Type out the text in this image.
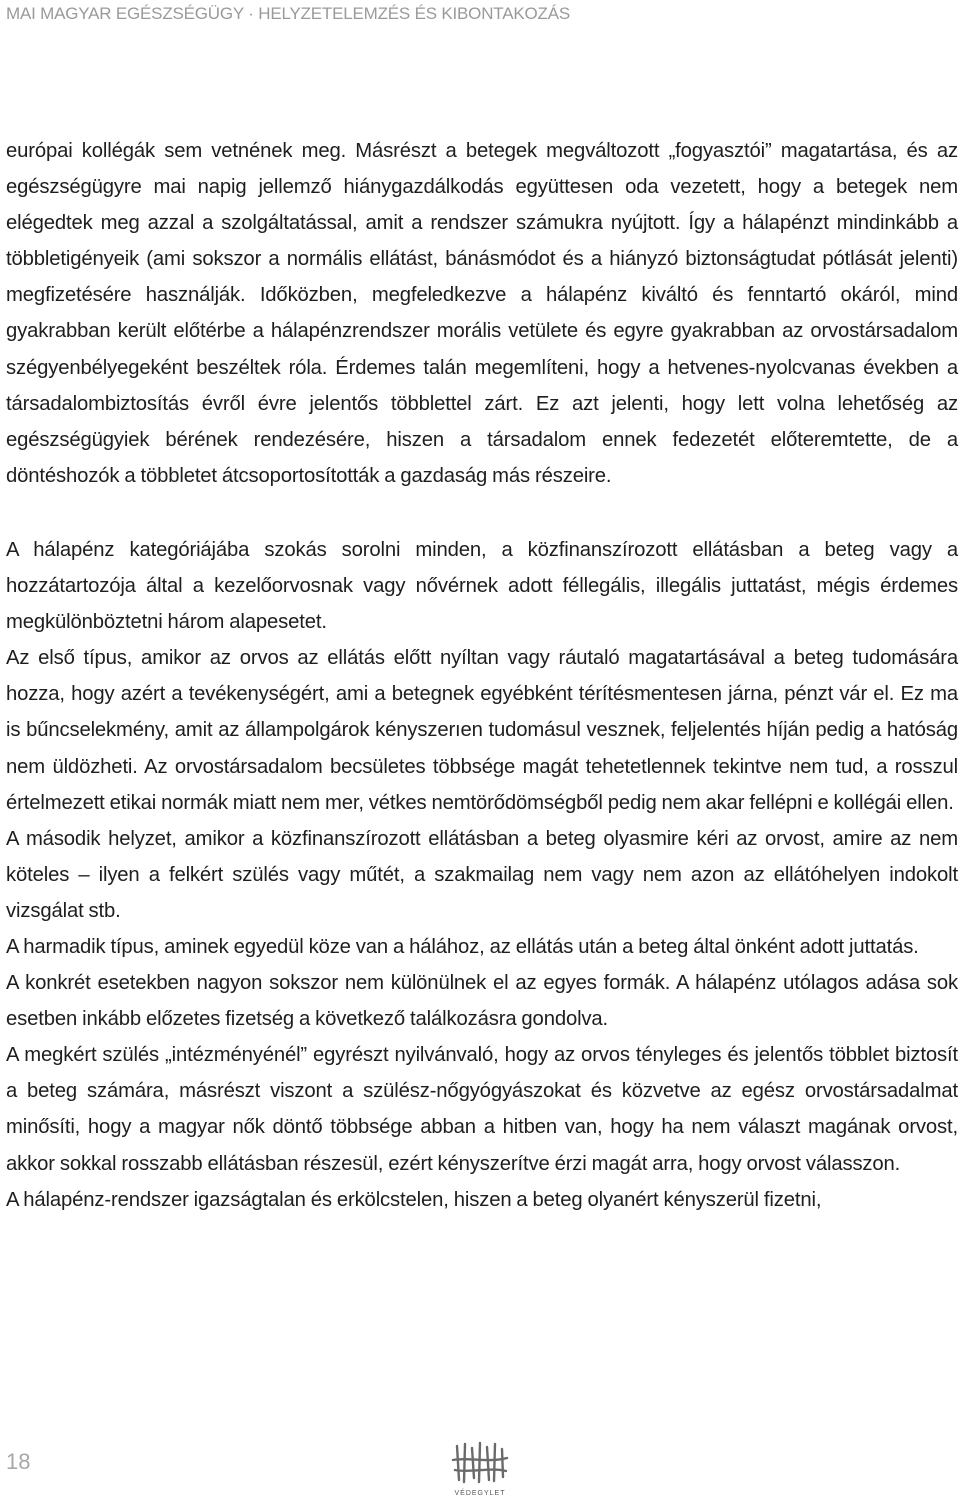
MAI MAGYAR EGÉSZSÉGÜGY · HELYZETELEMZÉS ÉS KIBONTAKOZÁS

európai kollégák sem vetnének meg. Másrészt a betegek megváltozott „fogyasztói” magatartása, és az egészségügyre mai napig jellemző hiánygazdálkodás együttesen oda vezetett, hogy a betegek nem elégedtek meg azzal a szolgáltatással, amit a rendszer számukra nyújtott. Így a hálapénzt mindinkább a többletigényeik (ami sokszor a normális ellátást, bánásmódot és a hiányzó biztonságtudat pótlását jelenti) megfizetésére használják. Időközben, megfeledkezve a hálapénz kiváltó és fenntartó okáról, mind gyakrabban került előtérbe a hálapénzrendszer morális vetülete és egyre gyakrabban az orvostársadalom szégyenbélyegeként beszéltek róla. Érdemes talán megemlíteni, hogy a hetvenes-nyolcvanas években a társadalombiztosítás évről évre jelentős többlettel zárt. Ez azt jelenti, hogy lett volna lehetőség az egészségügyiek bérének rendezésére, hiszen a társadalom ennek fedezetét előteremtette, de a döntéshozók a többletet átcsoportosították a gazdaság más részeire.

A hálapénz kategóriájába szokás sorolni minden, a közfinanszírozott ellátásban a beteg vagy a hozzátartozója által a kezelőorvosnak vagy nővérnek adott féllegális, illegális juttatást, mégis érdemes megkülönböztetni három alapesetet.

Az első típus, amikor az orvos az ellátás előtt nyíltan vagy ráutaló magatartásával a beteg tudomására hozza, hogy azért a tevékenységért, ami a betegnek egyébként térítésmentesen járna, pénzt vár el. Ez ma is bűncselekmény, amit az állampolgárok kényszerıen tudomásul vesznek, feljelentés híján pedig a hatóság nem üldözheti. Az orvostársadalom becsületes többsége magát tehetetlennek tekintve nem tud, a rosszul értelmezett etikai normák miatt nem mer, vétkes nemtörődömségből pedig nem akar fellépni e kollégái ellen.

A második helyzet, amikor a közfinanszírozott ellátásban a beteg olyasmire kéri az orvost, amire az nem köteles – ilyen a felkért szülés vagy műtét, a szakmailag nem vagy nem azon az ellátóhelyen indokolt vizsgálat stb.

A harmadik típus, aminek egyedül köze van a hálához, az ellátás után a beteg által önként adott juttatás.

A konkrét esetekben nagyon sokszor nem különülnek el az egyes formák. A hálapénz utólagos adása sok esetben inkább előzetes fizetség a következő találkozásra gondolva.

A megkért szülés „intézményénél” egyrészt nyilvánvaló, hogy az orvos tényleges és jelentős többlet biztosít a beteg számára, másrészt viszont a szülész-nőgyógyászokat és közvetve az egész orvostársadalmat minősíti, hogy a magyar nők döntő többsége abban a hitben van, hogy ha nem választ magának orvost, akkor sokkal rosszabb ellátásban részesül, ezért kényszerítve érzi magát arra, hogy orvost válasszon.

A hálapénz-rendszer igazságtalan és erkölcstelen, hiszen a beteg olyanért kényszerül fizetni,

18
VÉDEGYLET
